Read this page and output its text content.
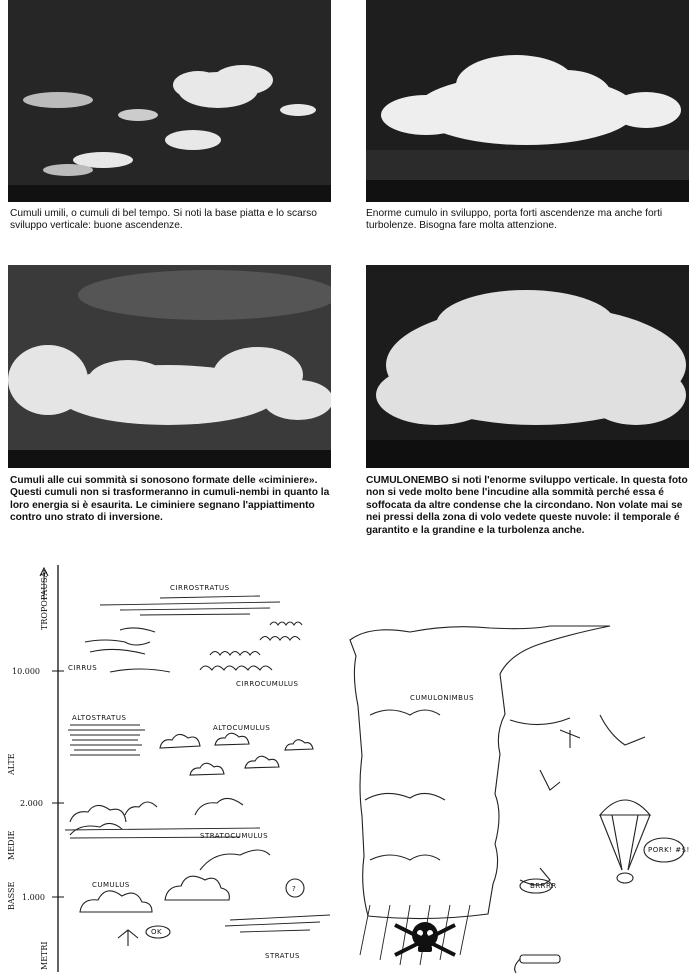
Cumuli umili, o cumuli di bel tempo. Si noti la base piatta e lo scarso sviluppo verticale: buone ascendenze.

Enorme cumulo in sviluppo, porta forti ascendenze ma anche forti turbolenze. Bisogna fare molta attenzione.

Cumuli alle cui sommità si sonosono formate delle «ciminiere». Questi cumuli non si trasformeranno in cumuli-nembi in quanto la loro energia si è esaurita. Le ciminiere segnano l'appiattimento contro uno strato di inversione.

CUMULONEMBO si noti l'enorme sviluppo verticale. In questa foto non si vede molto bene l'incudine alla sommità perché essa é soffocata da altre condense che la circondano. Non volate mai se nei pressi della zona di volo vedete queste nuvole: il temporale é garantito e la grandine e la turbolenza anche.

TROPOPAUSA
METRI
10.000
2.000
1.000
ALTE
MEDIE
BASSE
CIRROSTRATUS
CIRRUS
CIRROCUMULUS
ALTOSTRATUS
ALTOCUMULUS
STRATOCUMULUS
CUMULUS
STRATUS
OK
?
CUMULONIMBUS
PORK! #$!
BRRRR
